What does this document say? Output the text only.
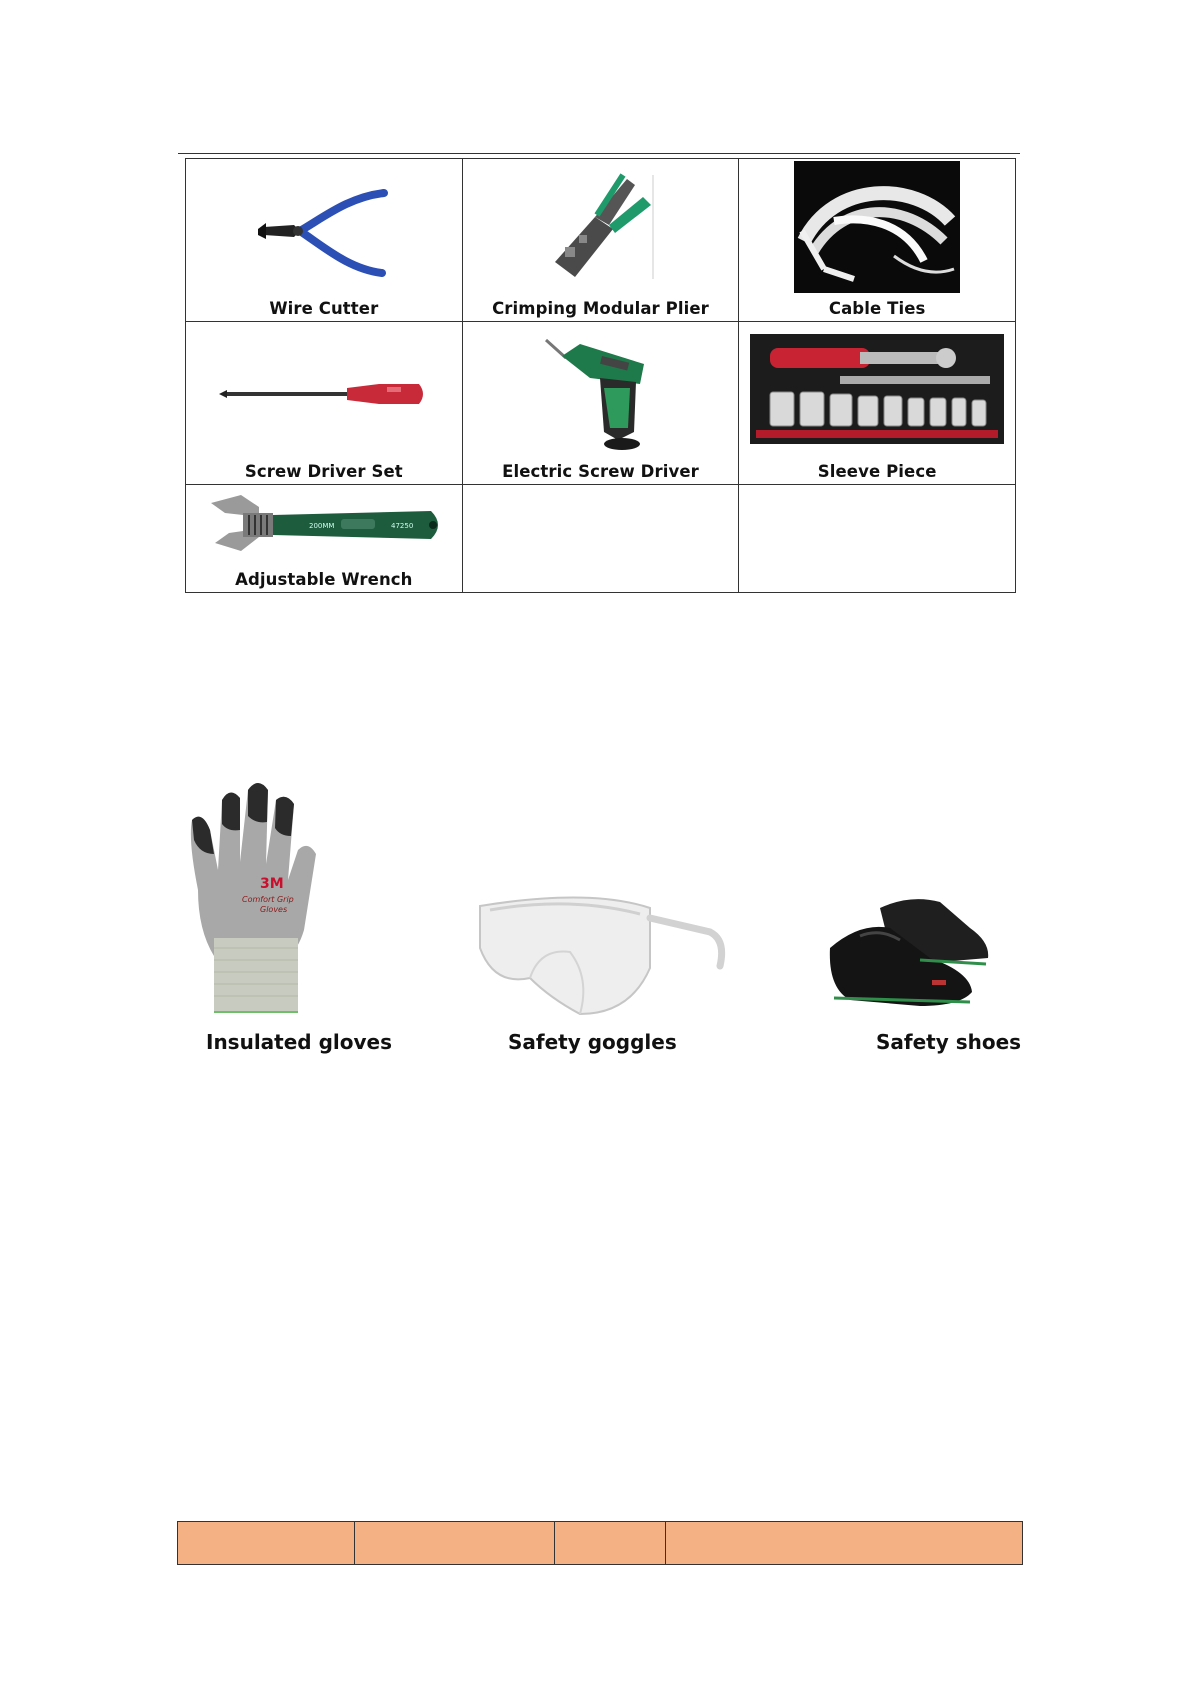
Wire Cutter	Crimping Modular Plier	Cable Ties

Screw Driver Set	Electric Screw Driver	Sleeve Piece

200MM 47250
Adjustable Wrench		

3M
Comfort Grip
Gloves
Insulated gloves	Safety goggles	Safety shoes
